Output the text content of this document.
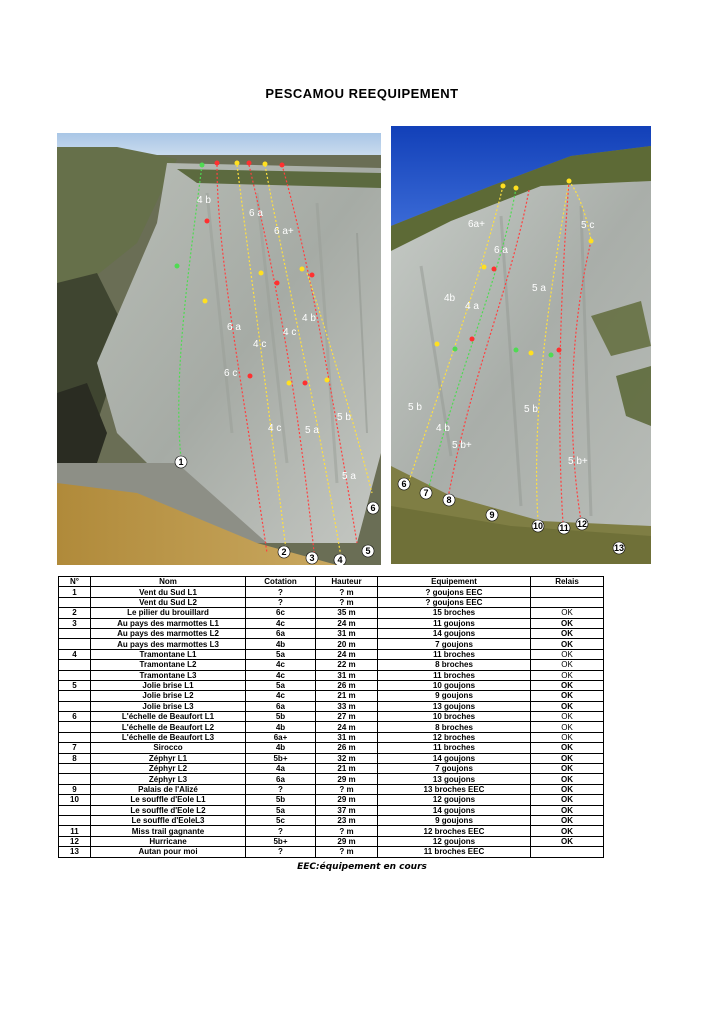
PESCAMOU REEQUIPEMENT
4 b
6 a
6 a+
6 a	4 c
4 b
4 c
6 c
4 c 5 a
5 b
5 a
1
2
3	4
5
6
6a+
6 a
5 c
4b
4 a
5 a
5 b
4 b
5 b+
5 b
5 b+
6
7
8
9
10 11 12
13
N°	Nom	Cotation	Hauteur	Equipement	Relais
1	Vent du Sud L1	?	? m	? goujons EEC	
	Vent du Sud L2	?	? m	? goujons EEC	
2	Le pilier du brouillard	6c	35 m	15 broches	OK
3	Au pays des marmottes L1	4c	24 m	11 goujons	OK
	Au pays des marmottes L2	6a	31 m	14 goujons	OK
	Au pays des marmottes L3	4b	20 m	7 goujons	OK
4	Tramontane L1	5a	24 m	11 broches	OK
	Tramontane L2	4c	22 m	8 broches	OK
	Tramontane L3	4c	31 m	11 broches	OK
5	Jolie brise L1	5a	26 m	10 goujons	OK
	Jolie brise L2	4c	21 m	9 goujons	OK
	Jolie brise L3	6a	33 m	13 goujons	OK
6	L'échelle de Beaufort L1	5b	27 m	10 broches	OK
	L'échelle de Beaufort L2	4b	24 m	8 broches	OK
	L'échelle de Beaufort L3	6a+	31 m	12 broches	OK
7	Sirocco	4b	26 m	11 broches	OK
8	Zéphyr L1	5b+	32 m	14 goujons	OK
	Zéphyr L2	4a	21 m	7 goujons	OK
	Zéphyr L3	6a	29 m	13 goujons	OK
9	Palais de l'Alizé	?	? m	13 broches EEC	OK
10	Le souffle d'Eole L1	5b	29 m	12 goujons	OK
	Le souffle d'Eole L2	5a	37 m	14 goujons	OK
	Le souffle d'EoleL3	5c	23 m	9 goujons	OK
11	Miss trail gagnante	?	? m	12 broches EEC	OK
12	Hurricane	5b+	29 m	12 goujons	OK
13	Autan pour moi	?	? m	11 broches EEC	
EEC:équipement en cours
